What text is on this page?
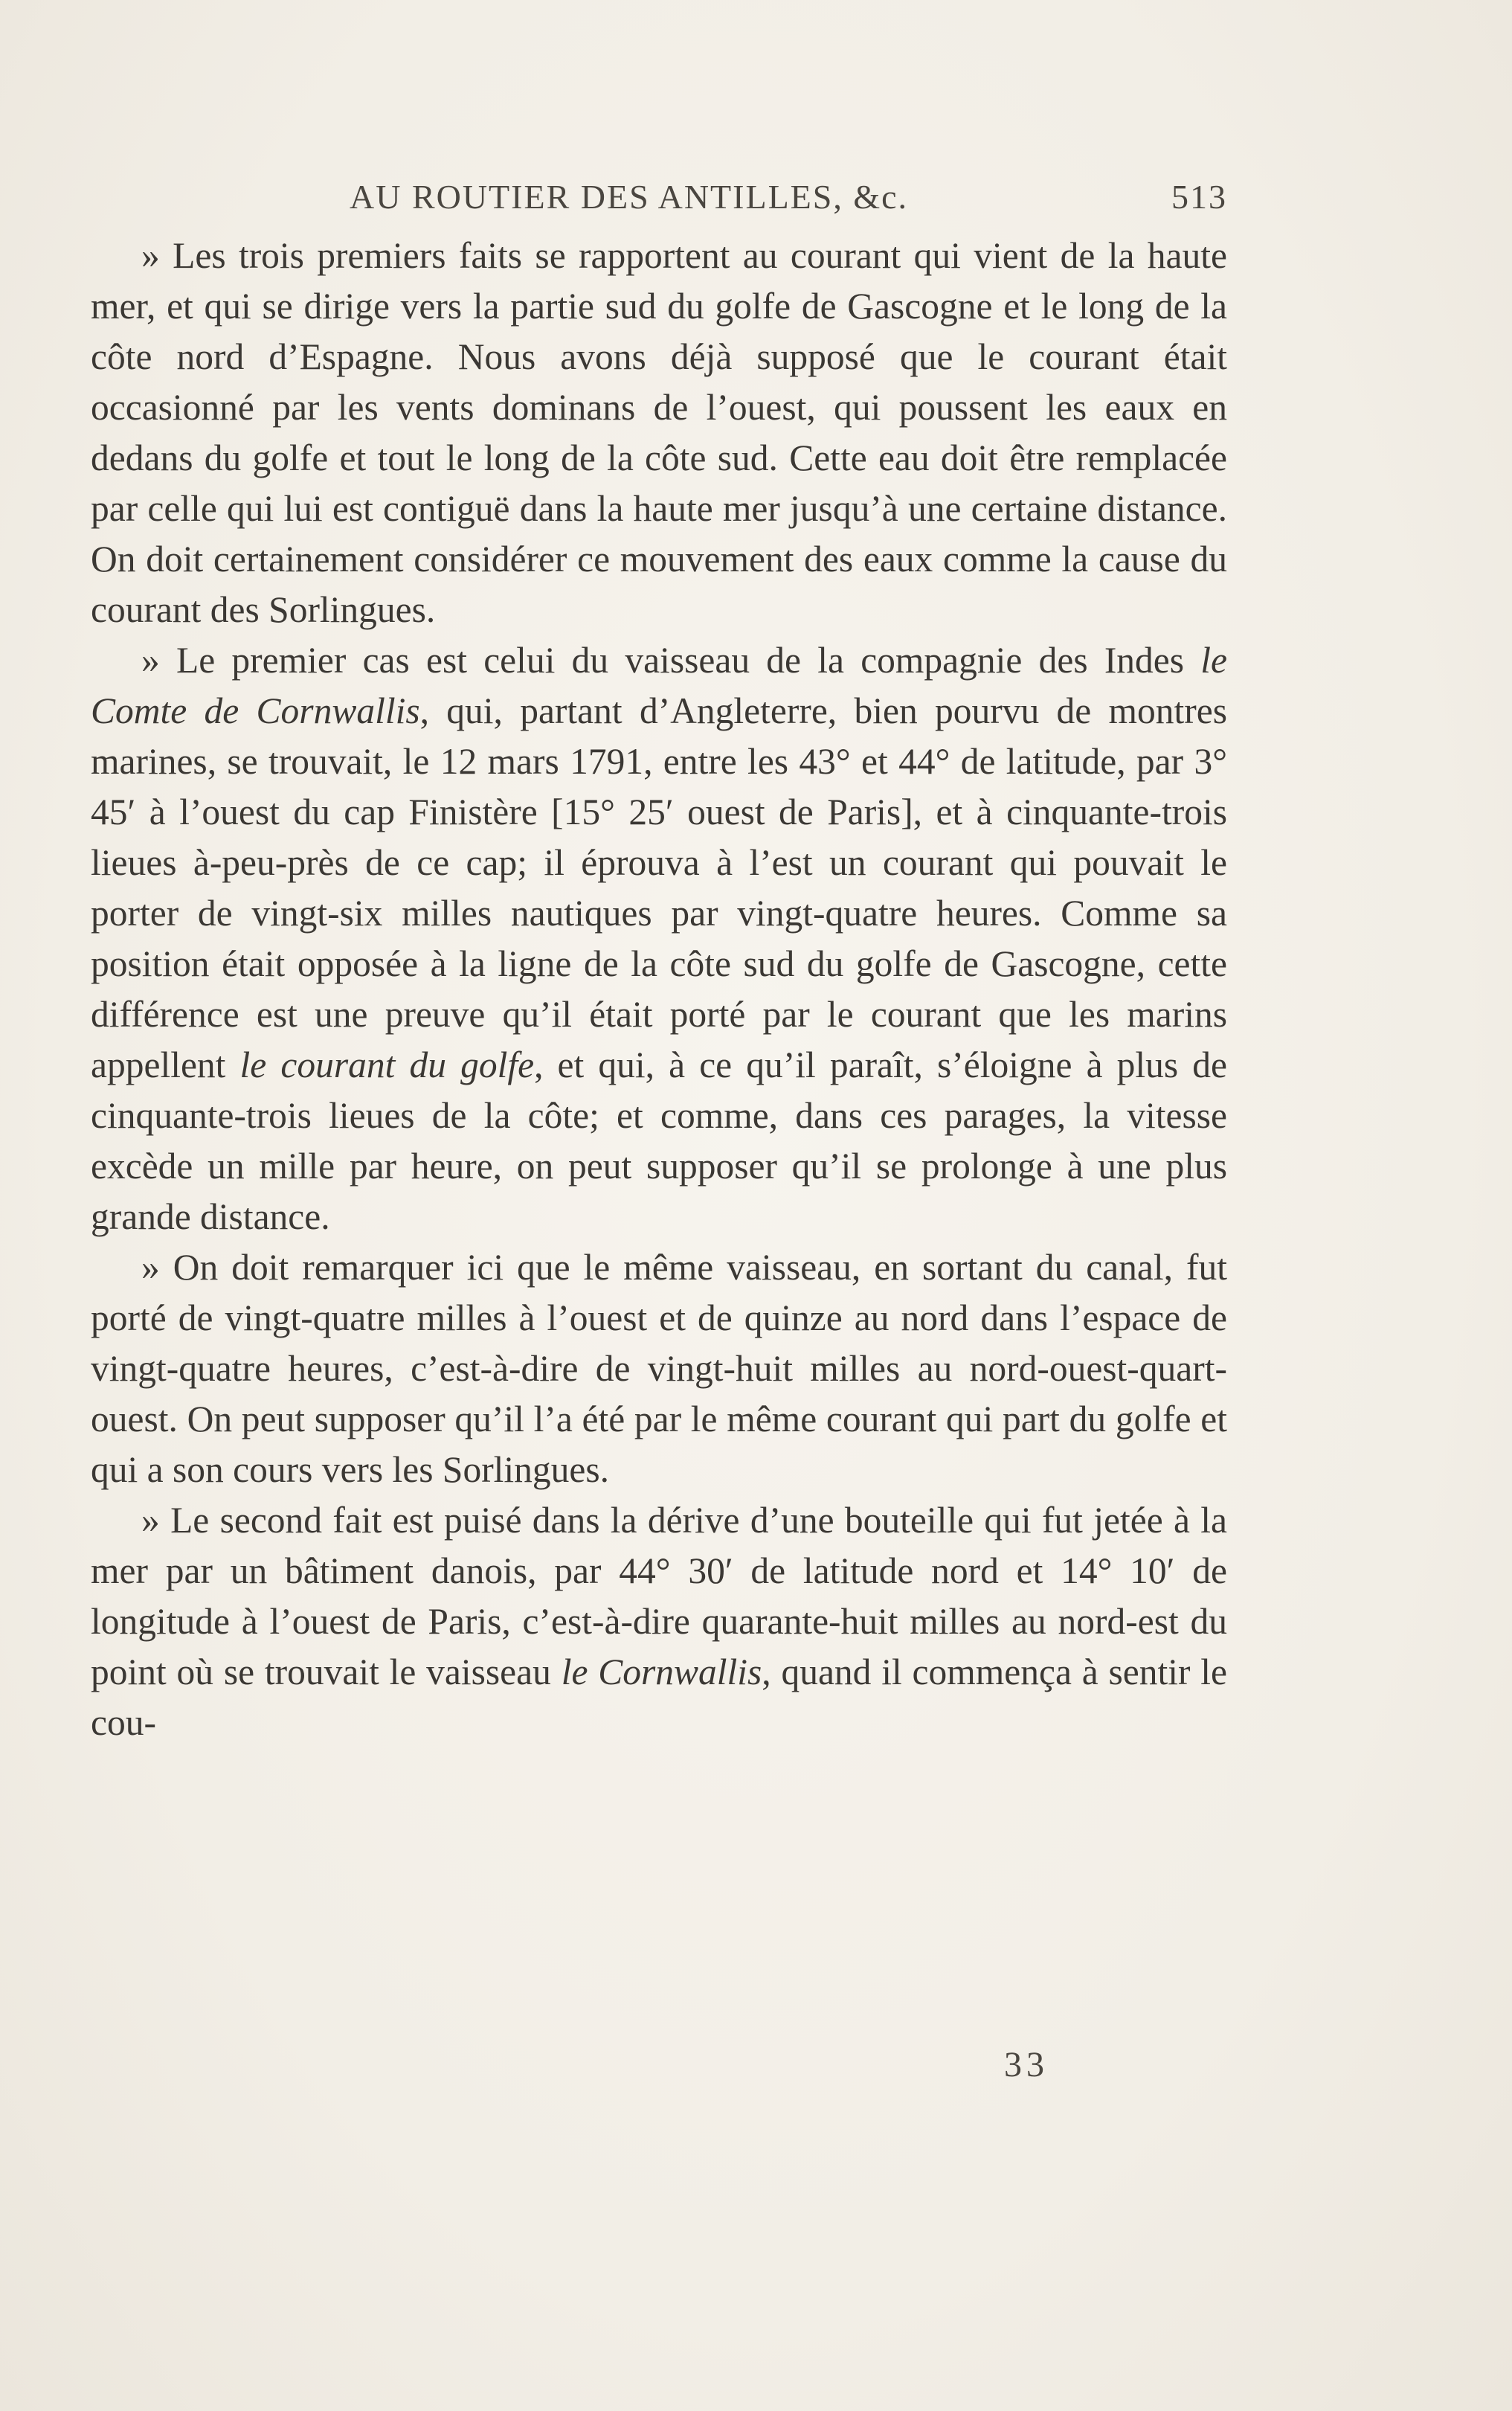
AU ROUTIER DES ANTILLES, &c.	513

» Les trois premiers faits se rapportent au courant qui vient de la haute mer, et qui se dirige vers la partie sud du golfe de Gascogne et le long de la côte nord d’Espagne. Nous avons déjà supposé que le courant était occasionné par les vents dominans de l’ouest, qui poussent les eaux en dedans du golfe et tout le long de la côte sud. Cette eau doit être remplacée par celle qui lui est contiguë dans la haute mer jusqu’à une certaine distance. On doit certainement considérer ce mouvement des eaux comme la cause du courant des Sorlingues.

» Le premier cas est celui du vaisseau de la compagnie des Indes le Comte de Cornwallis, qui, partant d’Angleterre, bien pourvu de montres marines, se trouvait, le 12 mars 1791, entre les 43° et 44° de latitude, par 3° 45′ à l’ouest du cap Finistère [15° 25′ ouest de Paris], et à cinquante-trois lieues à-peu-près de ce cap; il éprouva à l’est un courant qui pouvait le porter de vingt-six milles nautiques par vingt-quatre heures. Comme sa position était opposée à la ligne de la côte sud du golfe de Gascogne, cette différence est une preuve qu’il était porté par le courant que les marins appellent le courant du golfe, et qui, à ce qu’il paraît, s’éloigne à plus de cinquante-trois lieues de la côte; et comme, dans ces parages, la vitesse excède un mille par heure, on peut supposer qu’il se prolonge à une plus grande distance.

» On doit remarquer ici que le même vaisseau, en sortant du canal, fut porté de vingt-quatre milles à l’ouest et de quinze au nord dans l’espace de vingt-quatre heures, c’est-à-dire de vingt-huit milles au nord-ouest-quart-ouest. On peut supposer qu’il l’a été par le même courant qui part du golfe et qui a son cours vers les Sorlingues.

» Le second fait est puisé dans la dérive d’une bouteille qui fut jetée à la mer par un bâtiment danois, par 44° 30′ de latitude nord et 14° 10′ de longitude à l’ouest de Paris, c’est-à-dire quarante-huit milles au nord-est du point où se trouvait le vaisseau le Cornwallis, quand il commença à sentir le cou-

33
